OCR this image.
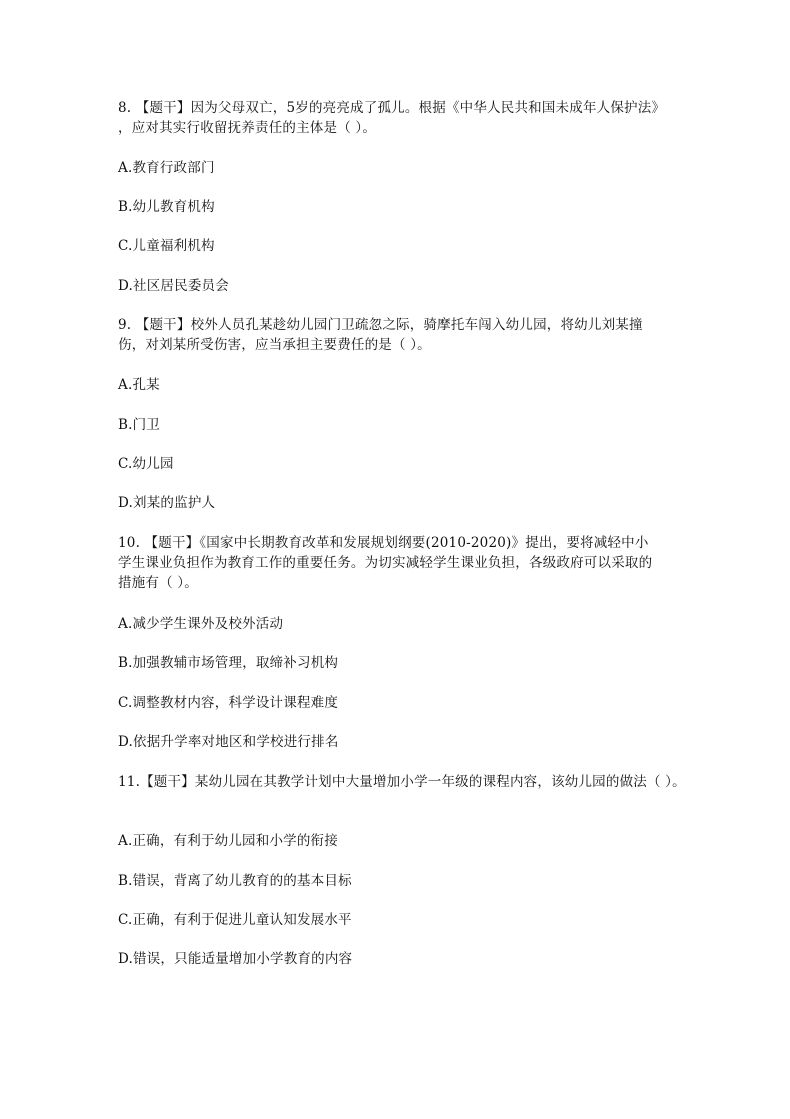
8. 【题干】因为父母双亡，5岁的亮亮成了孤儿。根据《中华人民共和国未成年人保护法》
，应对其实行收留抚养责任的主体是（ ）。
A.教育行政部门
B.幼儿教育机构
C.儿童福利机构
D.社区居民委员会
9. 【题干】校外人员孔某趁幼儿园门卫疏忽之际，骑摩托车闯入幼儿园，将幼儿刘某撞
伤，对刘某所受伤害，应当承担主要费任的是（ ）。
A.孔某
B.门卫
C.幼儿园
D.刘某的监护人
10. 【题干】《国家中长期教育改革和发展规划纲要(2010-2020)》提出，要将减轻中小
学生课业负担作为教育工作的重要任务。为切实减轻学生课业负担，各级政府可以采取的
措施有（ ）。
A.减少学生课外及校外活动
B.加强教辅市场管理，取缔补习机构
C.调整教材内容，科学设计课程难度
D.依据升学率对地区和学校进行排名
11.【题干】某幼儿园在其教学计划中大量增加小学一年级的课程内容，该幼儿园的做法（ ）。
A.正确，有利于幼儿园和小学的衔接
B.错误，背离了幼儿教育的的基本目标
C.正确，有利于促进儿童认知发展水平
D.错误，只能适量增加小学教育的内容
